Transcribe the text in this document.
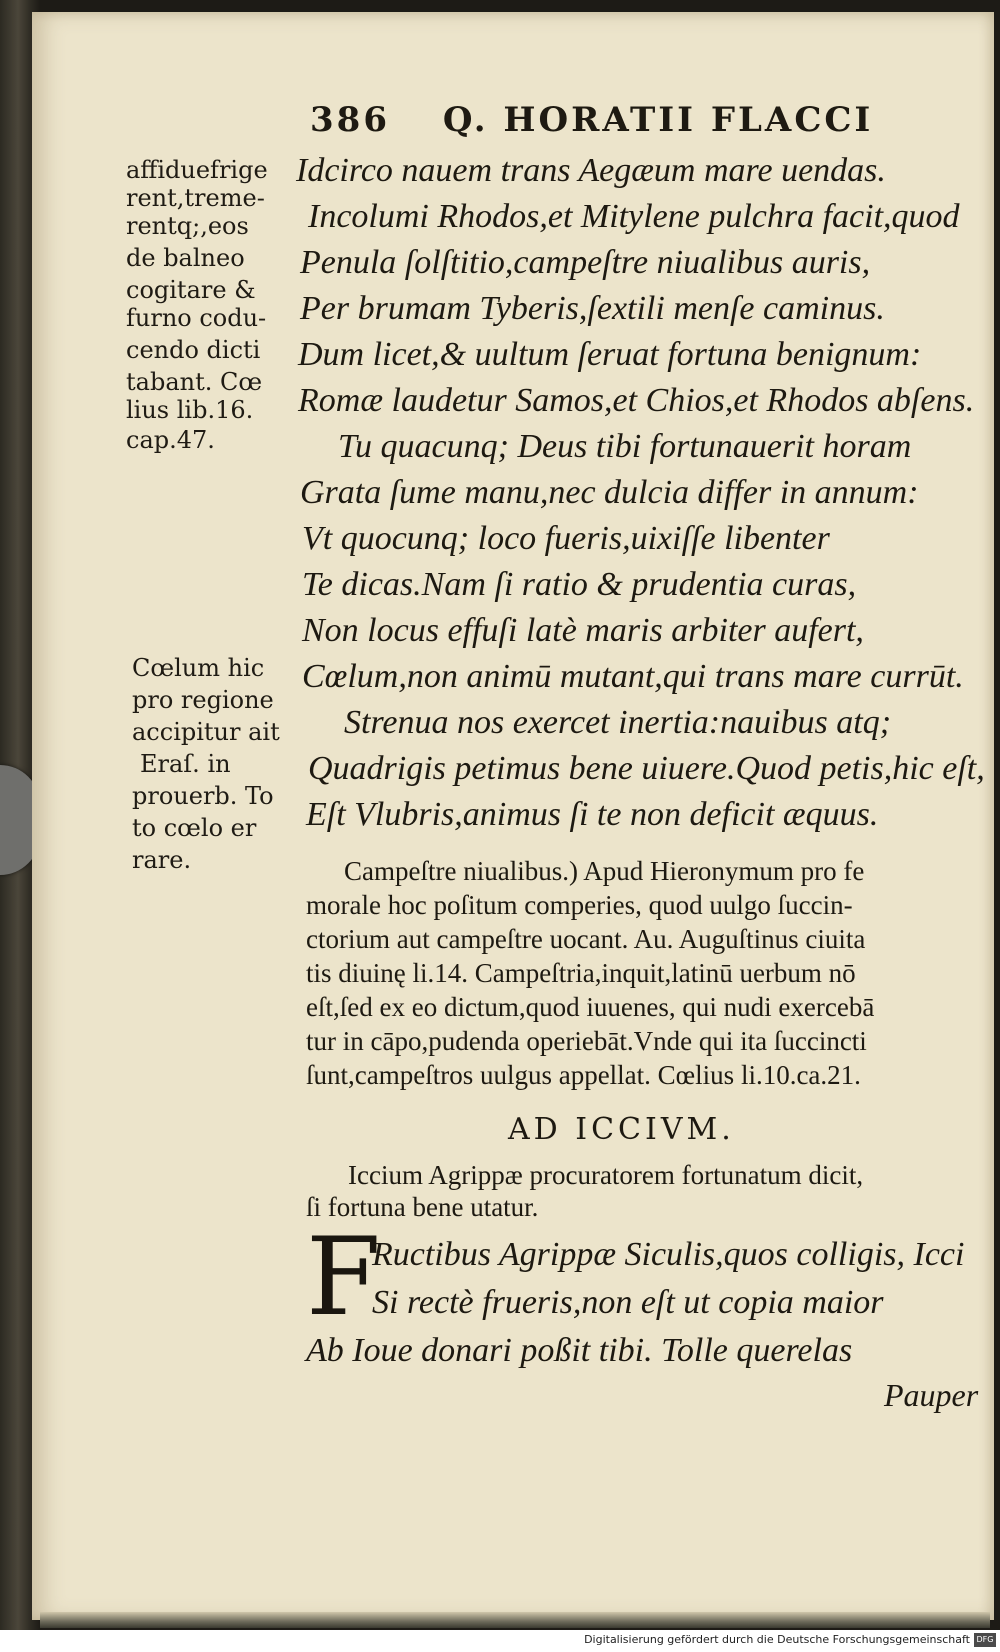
386 Q. HORATII FLACCI
affiduefrige
rent,treme-
rentq;,eos
de balneo
cogitare &
furno codu-
cendo dicti
tabant. Cœ
lius lib.16.
cap.47.
Cœlum hic
pro regione
accipitur ait
Eraſ. in
prouerb. To
to cœlo er
rare.
Idcirco nauem trans Aegæum mare uendas.
Incolumi Rhodos,et Mitylene pulchra facit,quod
Penula ſolſtitio,campeſtre niualibus auris,
Per brumam Tyberis,ſextili menſe caminus.
Dum licet,& uultum ſeruat fortuna benignum:
Romæ laudetur Samos,et Chios,et Rhodos abſens.
Tu quacunq; Deus tibi fortunauerit horam
Grata ſume manu,nec dulcia differ in annum:
Vt quocunq; loco fueris,uixiſſe libenter
Te dicas.Nam ſi ratio & prudentia curas,
Non locus effuſi latè maris arbiter aufert,
Cœlum,non animū mutant,qui trans mare currūt.
Strenua nos exercet inertia:nauibus atq;
Quadrigis petimus bene uiuere.Quod petis,hic eſt,
Eſt Vlubris,animus ſi te non deficit æquus.
Campeſtre niualibus.) Apud Hieronymum pro fe
morale hoc poſitum comperies, quod uulgo ſuccin-
ctorium aut campeſtre uocant. Au. Auguſtinus ciuita
tis diuinę li.14. Campeſtria,inquit,latinū uerbum nō
eſt,ſed ex eo dictum,quod iuuenes, qui nudi exercebā
tur in cāpo,pudenda operiebāt.Vnde qui ita ſuccincti
ſunt,campeſtros uulgus appellat. Cœlius li.10.ca.21.
AD ICCIVM.
Iccium Agrippæ procuratorem fortunatum dicit,
ſi fortuna bene utatur.
F
Ructibus Agrippæ Siculis,quos colligis, Icci
Si rectè frueris,non eſt ut copia maior
Ab Ioue donari poßit tibi. Tolle querelas
Pauper
Digitalisierung gefördert durch die Deutsche Forschungsgemeinschaft DFG
